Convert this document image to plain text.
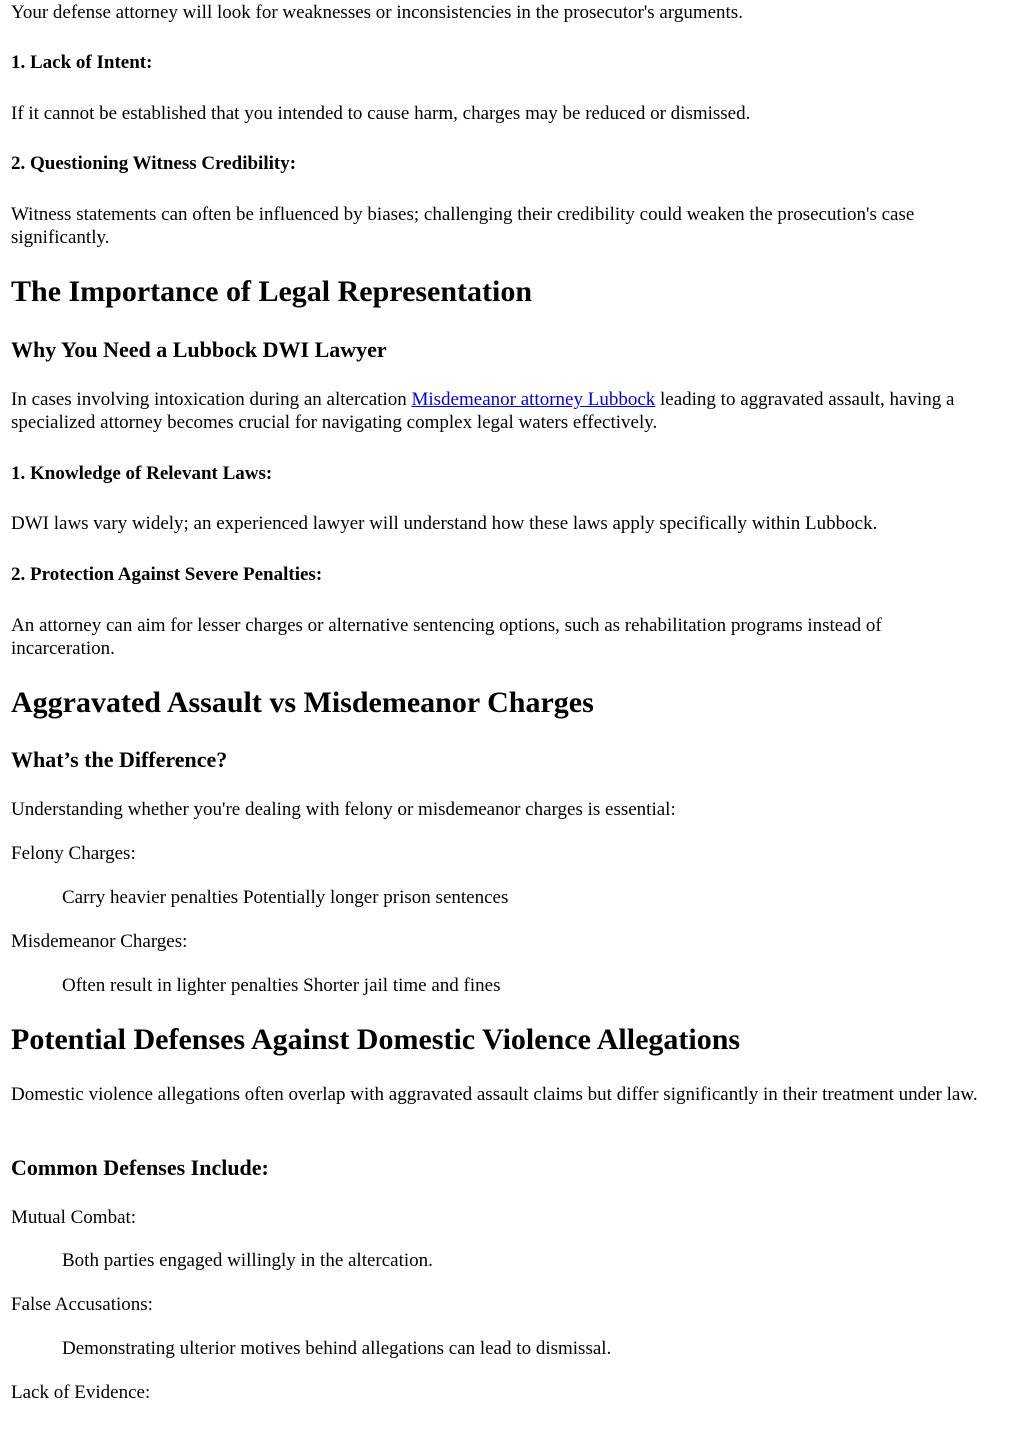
Your defense attorney will look for weaknesses or inconsistencies in the prosecutor's arguments.

1. Lack of Intent:

If it cannot be established that you intended to cause harm, charges may be reduced or dismissed.

2. Questioning Witness Credibility:

Witness statements can often be influenced by biases; challenging their credibility could weaken the prosecution's case significantly.

The Importance of Legal Representation
Why You Need a Lubbock DWI Lawyer

In cases involving intoxication during an altercation Misdemeanor attorney Lubbock leading to aggravated assault, having a specialized attorney becomes crucial for navigating complex legal waters effectively.

1. Knowledge of Relevant Laws:

DWI laws vary widely; an experienced lawyer will understand how these laws apply specifically within Lubbock.

2. Protection Against Severe Penalties:

An attorney can aim for lesser charges or alternative sentencing options, such as rehabilitation programs instead of incarceration.

Aggravated Assault vs Misdemeanor Charges
What’s the Difference?

Understanding whether you're dealing with felony or misdemeanor charges is essential:

Felony Charges:
Carry heavier penalties Potentially longer prison sentences
Misdemeanor Charges:
Often result in lighter penalties Shorter jail time and fines
Potential Defenses Against Domestic Violence Allegations

Domestic violence allegations often overlap with aggravated assault claims but differ significantly in their treatment under law.

Common Defenses Include:
Mutual Combat:
Both parties engaged willingly in the altercation.
False Accusations:
Demonstrating ulterior motives behind allegations can lead to dismissal.
Lack of Evidence:
